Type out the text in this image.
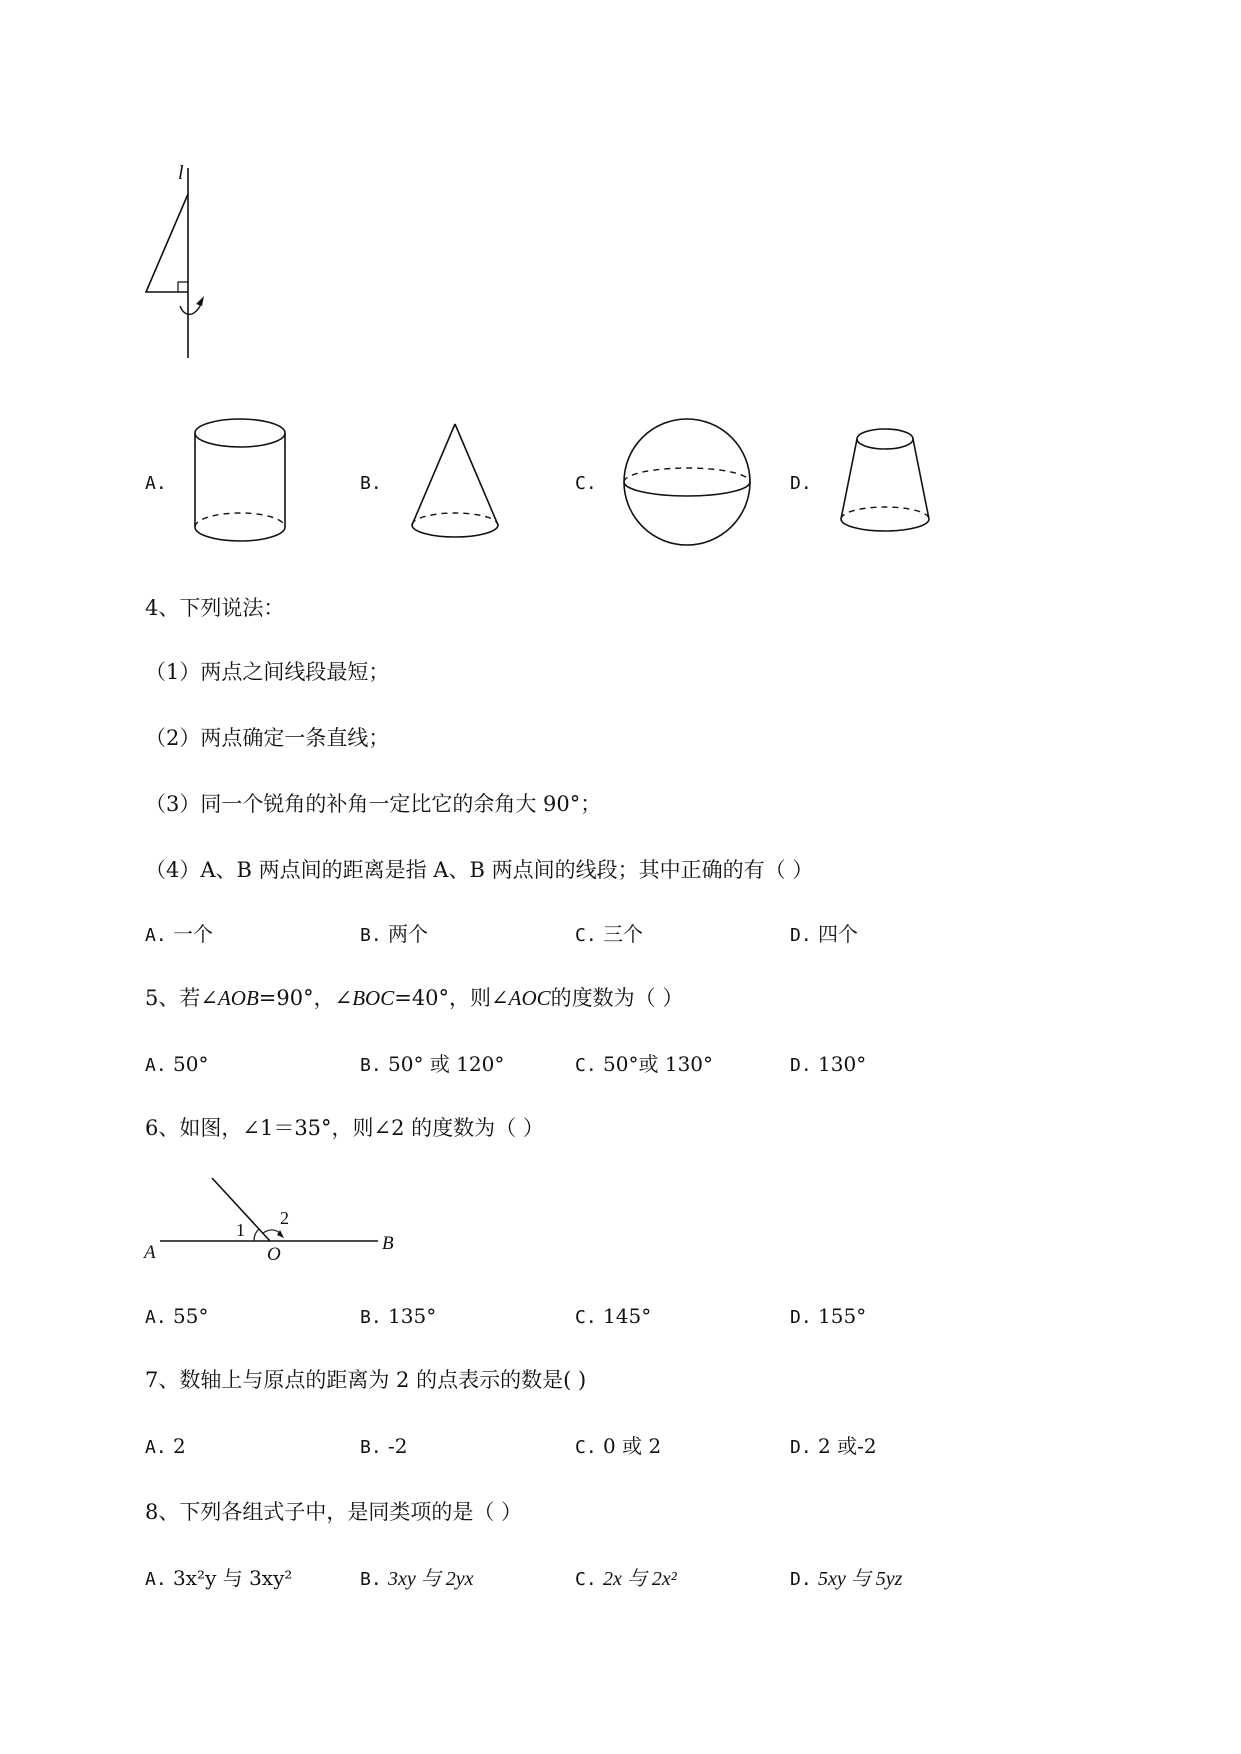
l
A.	B.	C.	D.
4、下列说法：
（1）两点之间线段最短；
（2）两点确定一条直线；
（3）同一个锐角的补角一定比它的余角大 90°；
（4）A、B 两点间的距离是指 A、B 两点间的线段；其中正确的有（ ）
A. 一个	B. 两个	C. 三个	D. 四个
5、若∠AOB=90°，∠BOC=40°，则∠AOC的度数为（ ）
A. 50°	B. 50° 或 120°	C. 50°或 130°	D. 130°
6、如图，∠1＝35°，则∠2 的度数为（ ）
A	O
B
1
2
A. 55°	B. 135°	C. 145°	D. 155°
7、数轴上与原点的距离为 2 的点表示的数是( )
A. 2	B. -2	C. 0 或 2	D. 2 或-2
8、下列各组式子中，是同类项的是（ ）
A. 3x²y 与 3xy²	B. 3xy 与 2yx	C. 2x 与 2x²	D. 5xy 与 5yz
